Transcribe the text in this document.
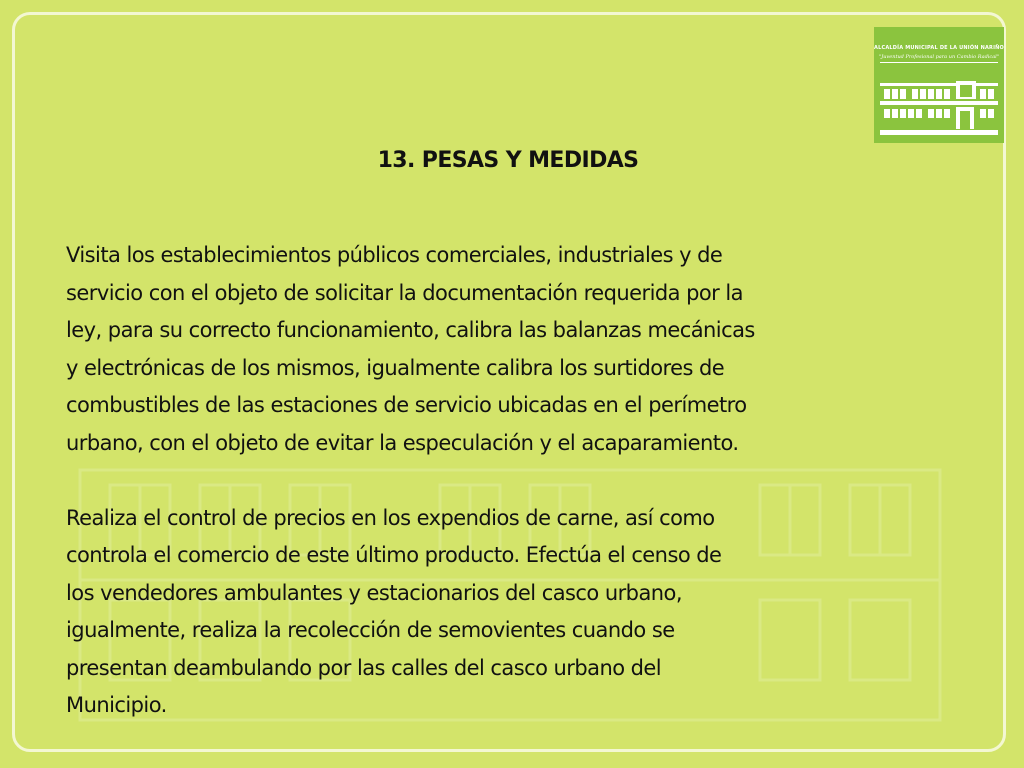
ALCALDÍA MUNICIPAL DE LA UNIÓN NARIÑO
"Juventud Profesional para un Cambio Radical"
13. PESAS Y MEDIDAS

Visita los establecimientos públicos comerciales, industriales y de
servicio con el objeto de solicitar la documentación requerida por la
ley, para su correcto funcionamiento, calibra las balanzas mecánicas
y electrónicas de los mismos, igualmente calibra los surtidores de
combustibles de las estaciones de servicio ubicadas en el perímetro
urbano, con el objeto de evitar la especulación y el acaparamiento.

Realiza el control de precios en los expendios de carne, así como
controla el comercio de este último producto. Efectúa el censo de
los vendedores ambulantes y estacionarios del casco urbano,
igualmente, realiza la recolección de semovientes cuando se
presentan deambulando por las calles del casco urbano del
Municipio.
